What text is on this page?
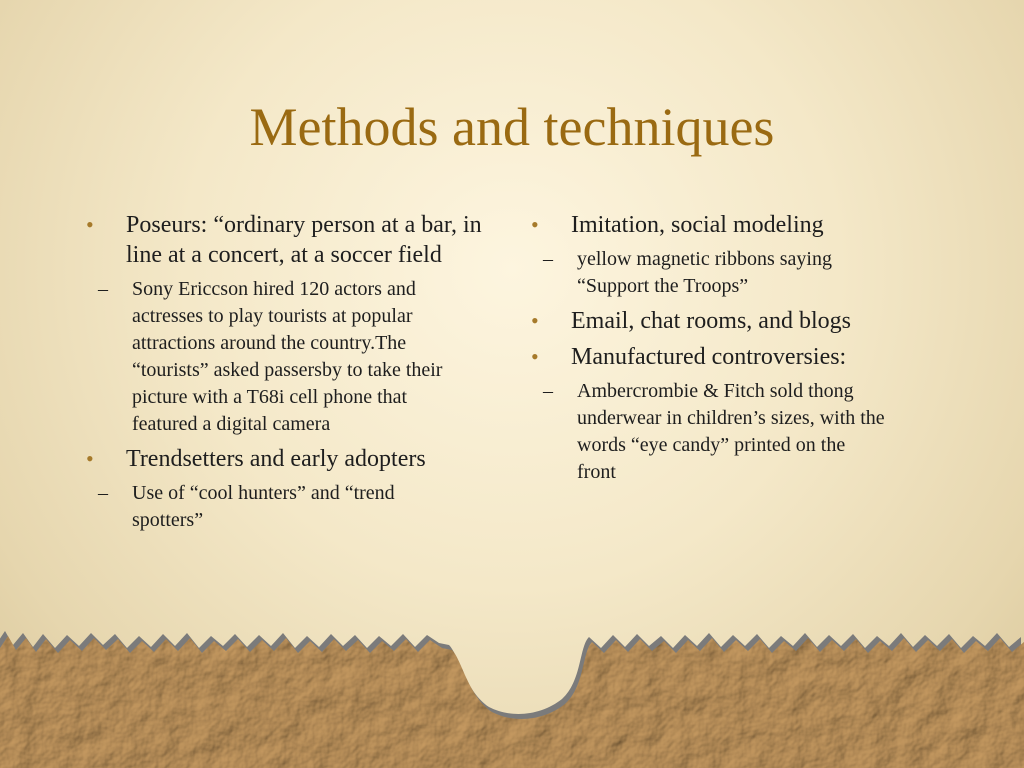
Methods and techniques
• Poseurs: “ordinary person at a bar, in line at a concert, at a soccer field
– Sony Ericcson hired 120 actors and actresses to play tourists at popular attractions around the country.The “tourists” asked passersby to take their picture with a T68i cell phone that featured a digital camera
• Trendsetters and early adopters
– Use of “cool hunters” and “trend spotters”
• Imitation, social modeling
– yellow magnetic ribbons saying “Support the Troops”
• Email, chat rooms, and blogs
• Manufactured controversies:
– Ambercrombie & Fitch sold thong underwear in children’s sizes, with the words “eye candy” printed on the front
